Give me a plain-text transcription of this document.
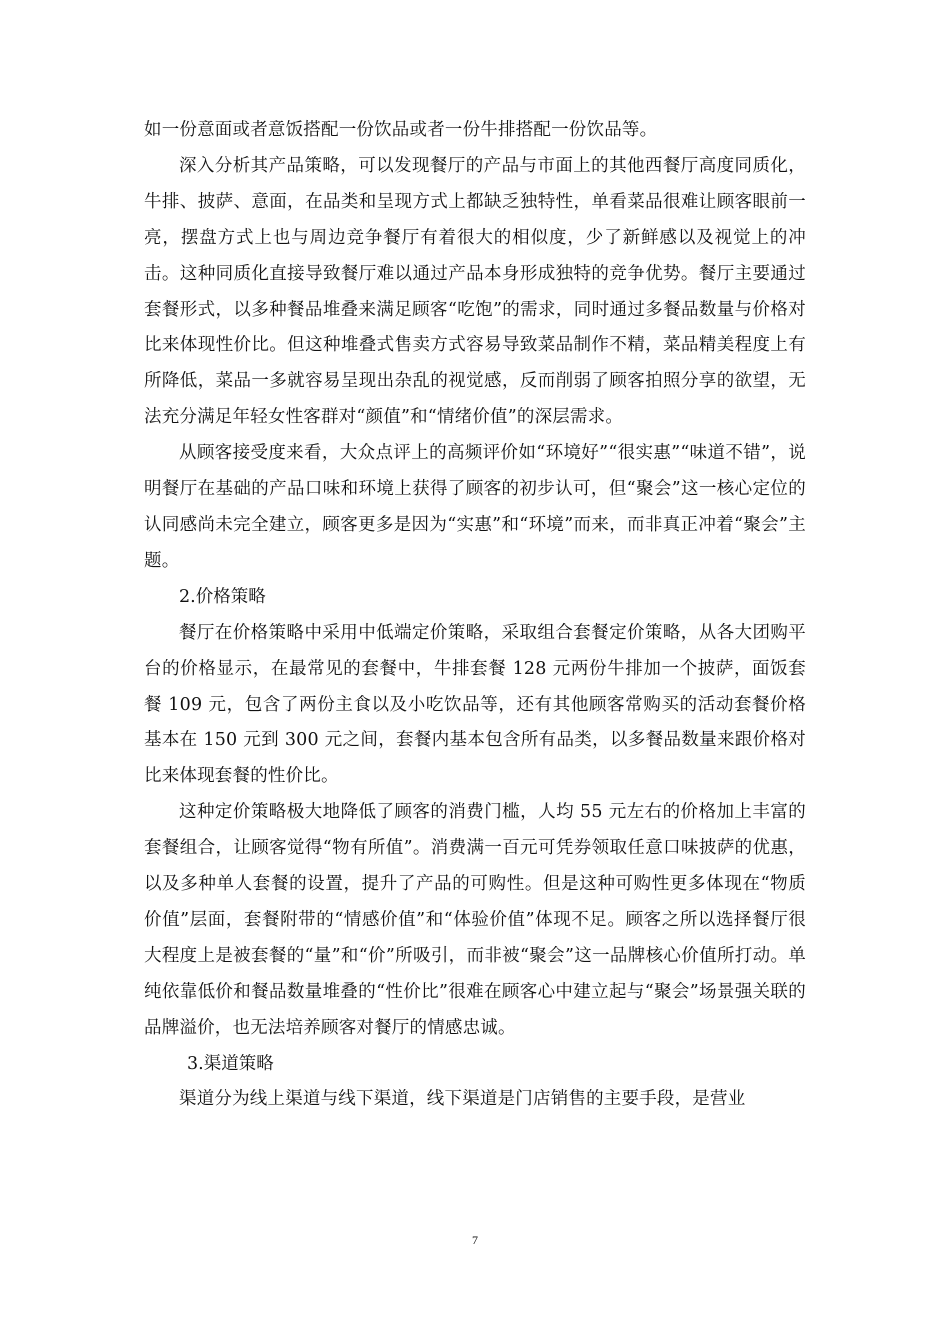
如一份意面或者意饭搭配一份饮品或者一份牛排搭配一份饮品等。

深入分析其产品策略，可以发现餐厅的产品与市面上的其他西餐厅高度同质化，牛排、披萨、意面，在品类和呈现方式上都缺乏独特性，单看菜品很难让顾客眼前一亮，摆盘方式上也与周边竞争餐厅有着很大的相似度，少了新鲜感以及视觉上的冲击。这种同质化直接导致餐厅难以通过产品本身形成独特的竞争优势。餐厅主要通过套餐形式，以多种餐品堆叠来满足顾客“吃饱”的需求，同时通过多餐品数量与价格对比来体现性价比。但这种堆叠式售卖方式容易导致菜品制作不精，菜品精美程度上有所降低，菜品一多就容易呈现出杂乱的视觉感，反而削弱了顾客拍照分享的欲望，无法充分满足年轻女性客群对“颜值”和“情绪价值”的深层需求。

从顾客接受度来看，大众点评上的高频评价如“环境好”“很实惠”“味道不错”，说明餐厅在基础的产品口味和环境上获得了顾客的初步认可，但“聚会”这一核心定位的认同感尚未完全建立，顾客更多是因为“实惠”和“环境”而来，而非真正冲着“聚会”主题。

2.价格策略

餐厅在价格策略中采用中低端定价策略，采取组合套餐定价策略，从各大团购平台的价格显示，在最常见的套餐中，牛排套餐 128 元两份牛排加一个披萨，面饭套餐 109 元，包含了两份主食以及小吃饮品等，还有其他顾客常购买的活动套餐价格基本在 150 元到 300 元之间，套餐内基本包含所有品类，以多餐品数量来跟价格对比来体现套餐的性价比。

这种定价策略极大地降低了顾客的消费门槛，人均 55 元左右的价格加上丰富的套餐组合，让顾客觉得“物有所值”。消费满一百元可凭券领取任意口味披萨的优惠，以及多种单人套餐的设置，提升了产品的可购性。但是这种可购性更多体现在“物质价值”层面，套餐附带的“情感价值”和“体验价值”体现不足。顾客之所以选择餐厅很大程度上是被套餐的“量”和“价”所吸引，而非被“聚会”这一品牌核心价值所打动。单纯依靠低价和餐品数量堆叠的“性价比”很难在顾客心中建立起与“聚会”场景强关联的品牌溢价，也无法培养顾客对餐厅的情感忠诚。

3.渠道策略

渠道分为线上渠道与线下渠道，线下渠道是门店销售的主要手段，是营业

7
